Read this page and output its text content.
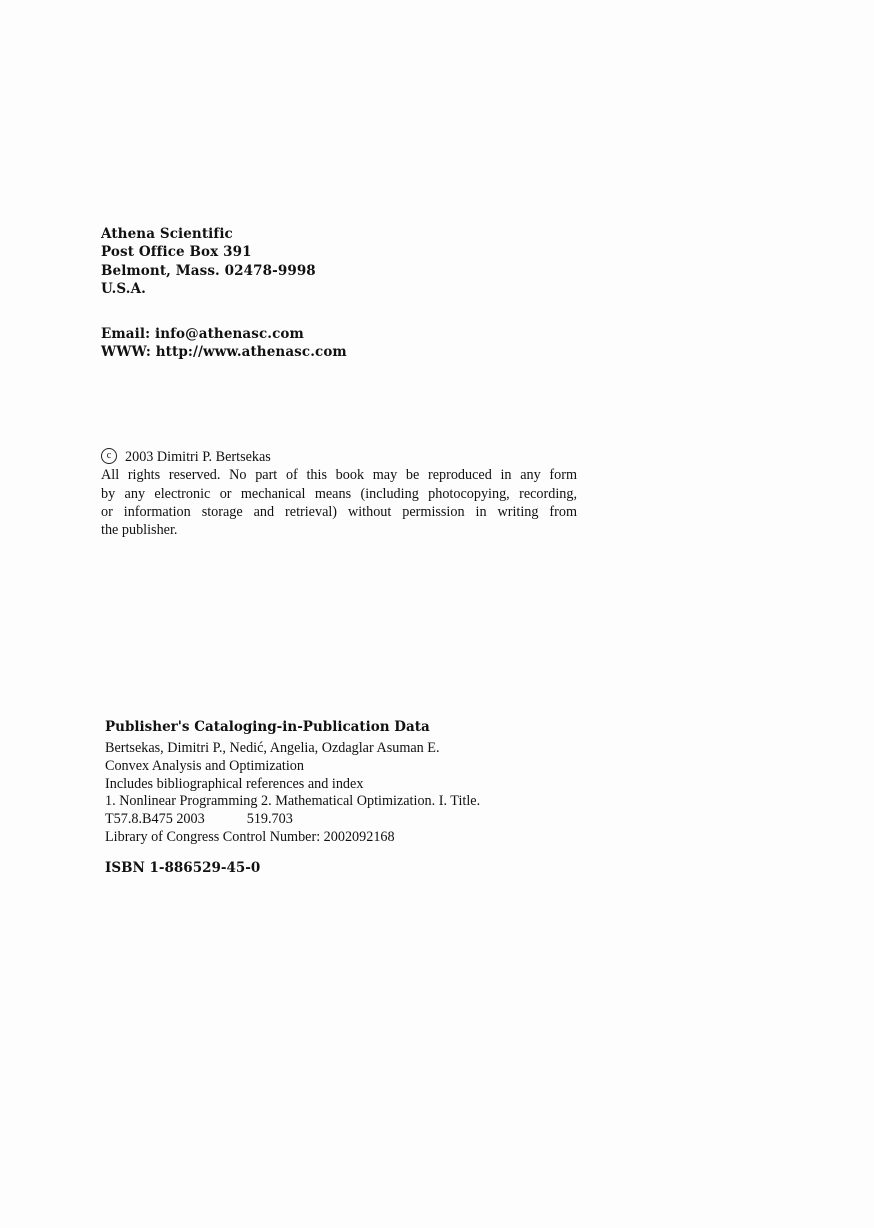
Athena Scientific
Post Office Box 391
Belmont, Mass. 02478-9998
U.S.A.
Email: info@athenasc.com
WWW: http://www.athenasc.com
c 2003 Dimitri P. Bertsekas
All rights reserved. No part of this book may be reproduced in any form
by any electronic or mechanical means (including photocopying, recording,
or information storage and retrieval) without permission in writing from
the publisher.
Publisher's Cataloging-in-Publication Data
Bertsekas, Dimitri P., Nedić, Angelia, Ozdaglar Asuman E.
Convex Analysis and Optimization
Includes bibliographical references and index
1. Nonlinear Programming 2. Mathematical Optimization. I. Title.
T57.8.B475 2003	519.703
Library of Congress Control Number: 2002092168
ISBN 1-886529-45-0
